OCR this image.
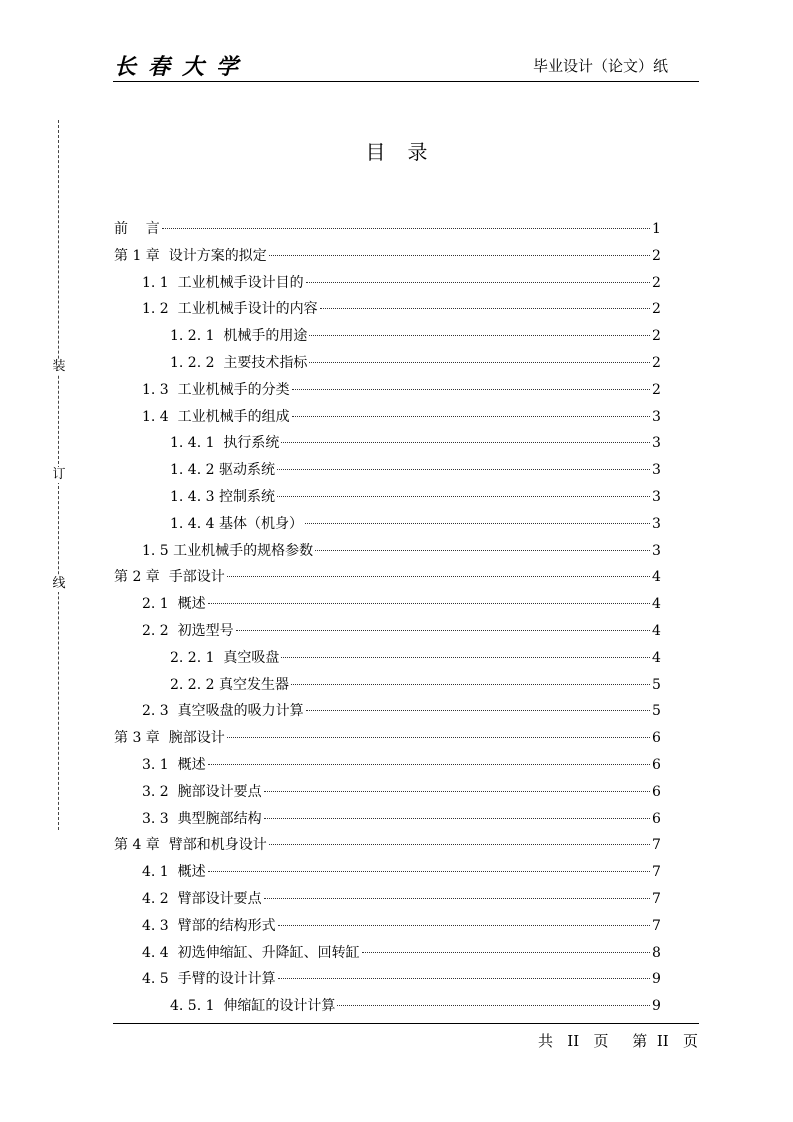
长春大学	毕业设计（论文）纸
装
订
线
目录
前    言	1
第 1 章  设计方案的拟定	2
1. 1  工业机械手设计目的	2
1. 2  工业机械手设计的内容	2
1. 2. 1  机械手的用途	2
1. 2. 2  主要技术指标	2
1. 3  工业机械手的分类	2
1. 4  工业机械手的组成	3
1. 4. 1  执行系统	3
1. 4. 2 驱动系统	3
1. 4. 3 控制系统	3
1. 4. 4 基体（机身）	3
1. 5 工业机械手的规格参数	3
第 2 章  手部设计	4
2. 1  概述	4
2. 2  初选型号	4
2. 2. 1  真空吸盘	4
2. 2. 2 真空发生器	5
2. 3  真空吸盘的吸力计算	5
第 3 章  腕部设计	6
3. 1  概述	6
3. 2  腕部设计要点	6
3. 3  典型腕部结构	6
第 4 章  臂部和机身设计	7
4. 1  概述	7
4. 2  臂部设计要点	7
4. 3  臂部的结构形式	7
4. 4  初选伸缩缸、升降缸、回转缸	8
4. 5  手臂的设计计算	9
4. 5. 1  伸缩缸的设计计算	9
共   II   页     第  II   页
